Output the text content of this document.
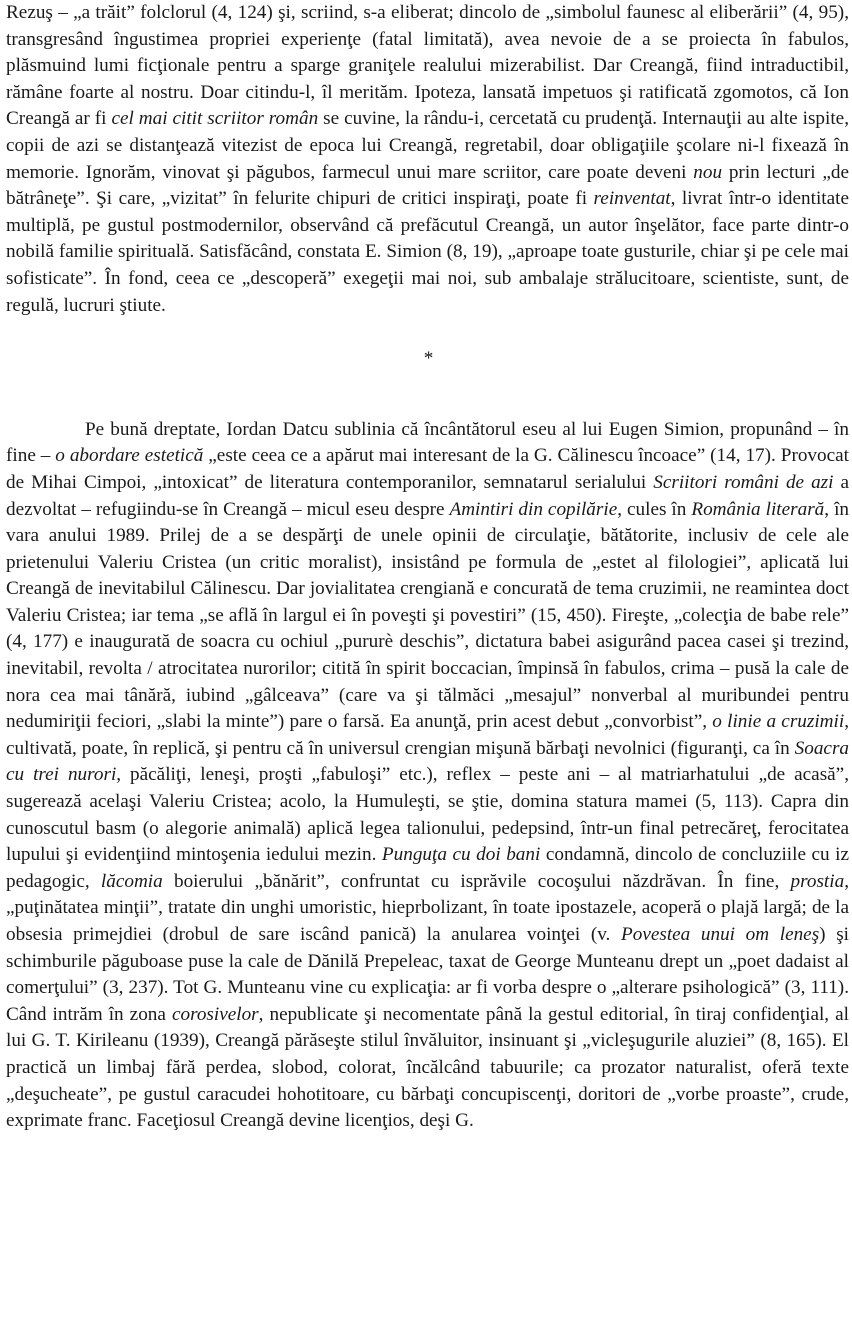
Rezuş – „a trăit” folclorul (4, 124) şi, scriind, s-a eliberat; dincolo de „simbolul faunesc al eliberării” (4, 95), transgresând îngustimea propriei experienţe (fatal limitată), avea nevoie de a se proiecta în fabulos, plăsmuind lumi ficţionale pentru a sparge graniţele realului mizerabilist. Dar Creangă, fiind intraductibil, rămâne foarte al nostru. Doar citindu-l, îl merităm. Ipoteza, lansată impetuos şi ratificată zgomotos, că Ion Creangă ar fi cel mai citit scriitor român se cuvine, la rându-i, cercetată cu prudenţă. Internauţii au alte ispite, copii de azi se distanţează vitezist de epoca lui Creangă, regretabil, doar obligaţiile şcolare ni-l fixează în memorie. Ignorăm, vinovat şi păgubos, farmecul unui mare scriitor, care poate deveni nou prin lecturi „de bătrâneţe”. Şi care, „vizitat” în felurite chipuri de critici inspiraţi, poate fi reinventat, livrat într-o identitate multiplă, pe gustul postmodernilor, observând că prefăcutul Creangă, un autor înşelător, face parte dintr-o nobilă familie spirituală. Satisfăcând, constata E. Simion (8, 19), „aproape toate gusturile, chiar şi pe cele mai sofisticate”. În fond, ceea ce „descoperă” exegeţii mai noi, sub ambalaje strălucitoare, scientiste, sunt, de regulă, lucruri ştiute.

*

Pe bună dreptate, Iordan Datcu sublinia că încântătorul eseu al lui Eugen Simion, propunând – în fine – o abordare estetică „este ceea ce a apărut mai interesant de la G. Călinescu încoace” (14, 17). Provocat de Mihai Cimpoi, „intoxicat” de literatura contemporanilor, semnatarul serialului Scriitori români de azi a dezvoltat – refugiindu-se în Creangă – micul eseu despre Amintiri din copilărie, cules în România literară, în vara anului 1989. Prilej de a se despărţi de unele opinii de circulaţie, bătătorite, inclusiv de cele ale prietenului Valeriu Cristea (un critic moralist), insistând pe formula de „estet al filologiei”, aplicată lui Creangă de inevitabilul Călinescu. Dar jovialitatea crengiană e concurată de tema cruzimii, ne reamintea doct Valeriu Cristea; iar tema „se află în largul ei în poveşti şi povestiri” (15, 450). Fireşte, „colecţia de babe rele” (4, 177) e inaugurată de soacra cu ochiul „pururè deschis”, dictatura babei asigurând pacea casei şi trezind, inevitabil, revolta / atrocitatea nurorilor; citită în spirit boccacian, împinsă în fabulos, crima – pusă la cale de nora cea mai tânără, iubind „gâlceava” (care va şi tălmăci „mesajul” nonverbal al muribundei pentru nedumiriţii feciori, „slabi la minte”) pare o farsă. Ea anunţă, prin acest debut „convorbist”, o linie a cruzimii, cultivată, poate, în replică, şi pentru că în universul crengian mişună bărbaţi nevolnici (figuranţi, ca în Soacra cu trei nurori, păcăliţi, leneşi, proşti „fabuloşi” etc.), reflex – peste ani – al matriarhatului „de acasă”, sugerează acelaşi Valeriu Cristea; acolo, la Humuleşti, se ştie, domina statura mamei (5, 113). Capra din cunoscutul basm (o alegorie animală) aplică legea talionului, pedepsind, într-un final petrecăreţ, ferocitatea lupului şi evidenţiind mintoşenia iedului mezin. Punguţa cu doi bani condamnă, dincolo de concluziile cu iz pedagogic, lăcomia boierului „bănărit”, confruntat cu isprăvile cocoşului năzdrăvan. În fine, prostia, „puţinătatea minţii”, tratate din unghi umoristic, hieprbolizant, în toate ipostazele, acoperă o plajă largă; de la obsesia primejdiei (drobul de sare iscând panică) la anularea voinţei (v. Povestea unui om leneş) şi schimburile păguboase puse la cale de Dănilă Prepeleac, taxat de George Munteanu drept un „poet dadaist al comerţului” (3, 237). Tot G. Munteanu vine cu explicaţia: ar fi vorba despre o „alterare psihologică” (3, 111). Când intrăm în zona corosivelor, nepublicate şi necomentate până la gestul editorial, în tiraj confidenţial, al lui G. T. Kirileanu (1939), Creangă părăseşte stilul învăluitor, insinuant şi „vicleşugurile aluziei” (8, 165). El practică un limbaj fără perdea, slobod, colorat, încălcând tabuurile; ca prozator naturalist, oferă texte „deşucheate”, pe gustul caracudei hohotitoare, cu bărbaţi concupiscenţi, doritori de „vorbe proaste”, crude, exprimate franc. Faceţiosul Creangă devine licenţios, deşi G.
